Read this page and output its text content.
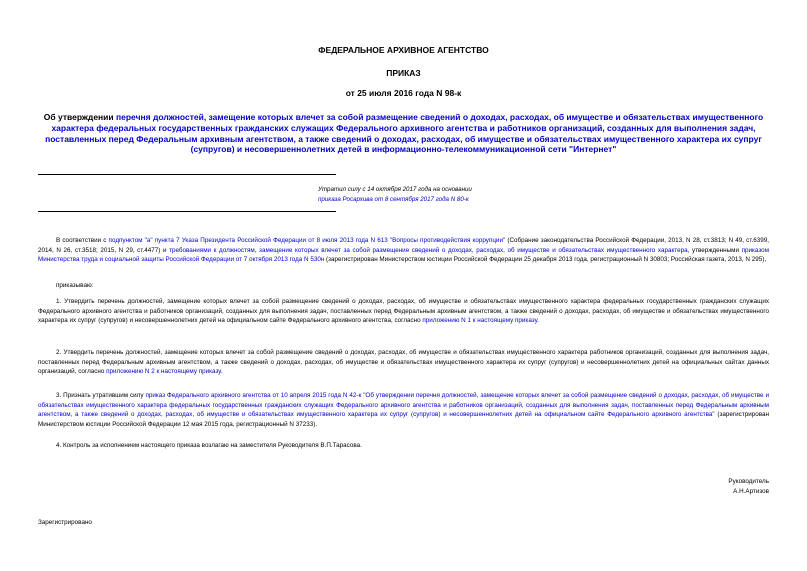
ФЕДЕРАЛЬНОЕ АРХИВНОЕ АГЕНТСТВО
ПРИКАЗ
от 25 июля 2016 года N 98-к
Об утверждении перечня должностей, замещение которых влечет за собой размещение сведений о доходах, расходах, об имуществе и обязательствах имущественного характера федеральных государственных гражданских служащих Федерального архивного агентства и работников организаций, созданных для выполнения задач, поставленных перед Федеральным архивным агентством, а также сведений о доходах, расходах, об имуществе и обязательствах имущественного характера их супруг (супругов) и несовершеннолетних детей в информационно-телекоммуникационной сети "Интернет"
Утратил силу с 14 октября 2017 года на основании
приказа Росархива от 8 сентября 2017 года N 80-к
В соответствии с подпунктом "а" пункта 7 Указа Президента Российской Федерации от 8 июля 2013 года N 613 "Вопросы противодействия коррупции" (Собрание законодательства Российской Федерации, 2013, N 28, ст.3813; N 49, ст.6399, 2014, N 26, ст.3518; 2015, N 29, ст.4477) и требованиями к должностям, замещение которых влечет за собой размещение сведений о доходах, расходах, об имуществе и обязательствах имущественного характера, утвержденными приказом Министерства труда и социальной защиты Российской Федерации от 7 октября 2013 года N 530н (зарегистрирован Министерством юстиции Российской Федерации 25 декабря 2013 года, регистрационный N 30803; Российская газета, 2013, N 295),
приказываю:
1. Утвердить перечень должностей, замещение которых влечет за собой размещение сведений о доходах, расходах, об имуществе и обязательствах имущественного характера федеральных государственных гражданских служащих Федерального архивного агентства и работников организаций, созданных для выполнения задач, поставленных перед Федеральным архивным агентством, а также сведений о доходах, расходах, об имуществе и обязательствах имущественного характера их супруг (супругов) и несовершеннолетних детей на официальном сайте Федерального архивного агентства, согласно приложению N 1 к настоящему приказу.
2. Утвердить перечень должностей, замещение которых влечет за собой размещение сведений о доходах, расходах, об имуществе и обязательствах имущественного характера работников организаций, созданных для выполнения задач, поставленных перед Федеральным архивным агентством, а также сведений о доходах, расходах, об имуществе и обязательствах имущественного характера их супруг (супругов) и несовершеннолетних детей на официальных сайтах данных организаций, согласно приложению N 2 к настоящему приказу.
3. Признать утратившим силу приказ Федерального архивного агентства от 10 апреля 2015 года N 42-к "Об утверждении перечня должностей, замещение которых влечет за собой размещение сведений о доходах, расходах, об имуществе и обязательствах имущественного характера федеральных государственных гражданских служащих Федерального архивного агентства и работников организаций, созданных для выполнения задач, поставленных перед Федеральным архивным агентством, а также сведений о доходах, расходах, об имуществе и обязательствах имущественного характера их супруг (супругов) и несовершеннолетних детей на официальном сайте Федерального архивного агентства" (зарегистрирован Министерством юстиции Российской Федерации 12 мая 2015 года, регистрационный N 37233).
4. Контроль за исполнением настоящего приказа возлагаю на заместителя Руководителя В.П.Тарасова.
Руководитель
А.Н.Артизов
Зарегистрировано
